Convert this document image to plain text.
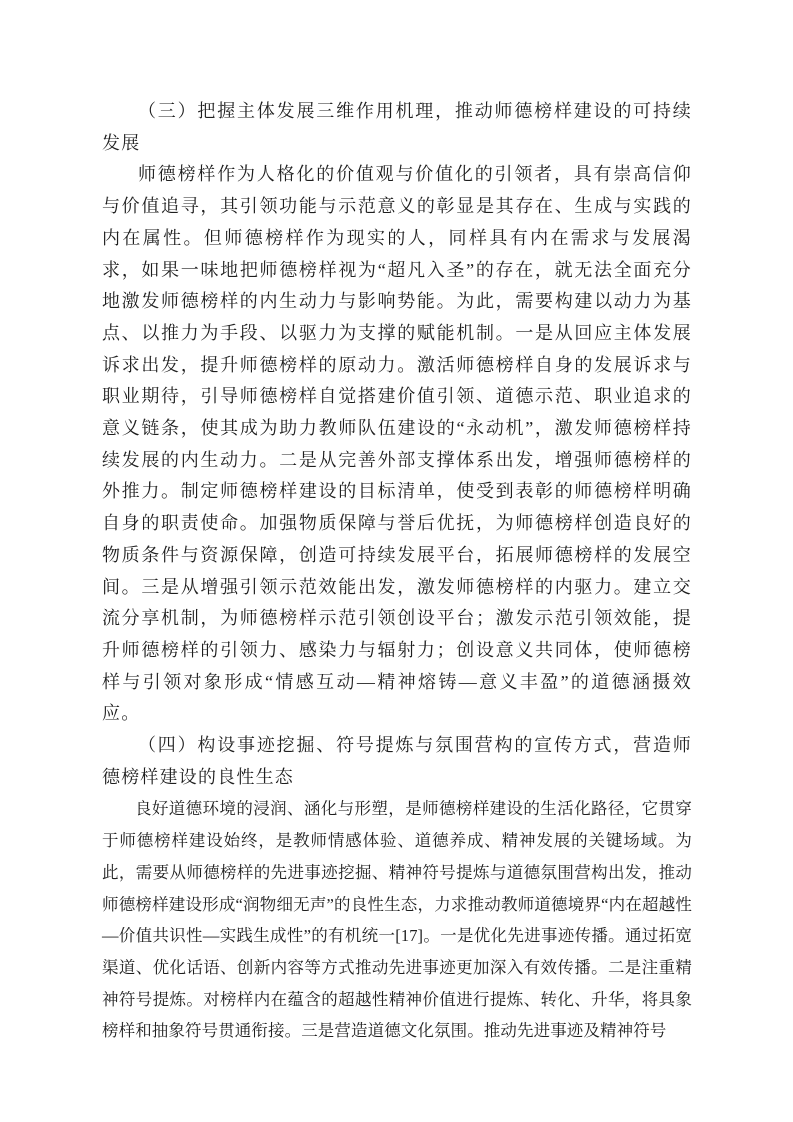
（三）把握主体发展三维作用机理，推动师德榜样建设的可持续发展

师德榜样作为人格化的价值观与价值化的引领者，具有崇高信仰与价值追寻，其引领功能与示范意义的彰显是其存在、生成与实践的内在属性。但师德榜样作为现实的人，同样具有内在需求与发展渴求，如果一味地把师德榜样视为“超凡入圣”的存在，就无法全面充分地激发师德榜样的内生动力与影响势能。为此，需要构建以动力为基点、以推力为手段、以驱力为支撑的赋能机制。一是从回应主体发展诉求出发，提升师德榜样的原动力。激活师德榜样自身的发展诉求与职业期待，引导师德榜样自觉搭建价值引领、道德示范、职业追求的意义链条，使其成为助力教师队伍建设的“永动机”，激发师德榜样持续发展的内生动力。二是从完善外部支撑体系出发，增强师德榜样的外推力。制定师德榜样建设的目标清单，使受到表彰的师德榜样明确自身的职责使命。加强物质保障与誉后优抚，为师德榜样创造良好的物质条件与资源保障，创造可持续发展平台，拓展师德榜样的发展空间。三是从增强引领示范效能出发，激发师德榜样的内驱力。建立交流分享机制，为师德榜样示范引领创设平台；激发示范引领效能，提升师德榜样的引领力、感染力与辐射力；创设意义共同体，使师德榜样与引领对象形成“情感互动—精神熔铸—意义丰盈”的道德涵摄效应。

（四）构设事迹挖掘、符号提炼与氛围营构的宣传方式，营造师德榜样建设的良性生态

良好道德环境的浸润、涵化与形塑，是师德榜样建设的生活化路径，它贯穿于师德榜样建设始终，是教师情感体验、道德养成、精神发展的关键场域。为此，需要从师德榜样的先进事迹挖掘、精神符号提炼与道德氛围营构出发，推动师德榜样建设形成“润物细无声”的良性生态，力求推动教师道德境界“内在超越性—价值共识性—实践生成性”的有机统一[17]。一是优化先进事迹传播。通过拓宽渠道、优化话语、创新内容等方式推动先进事迹更加深入有效传播。二是注重精神符号提炼。对榜样内在蕴含的超越性精神价值进行提炼、转化、升华，将具象榜样和抽象符号贯通衔接。三是营造道德文化氛围。推动先进事迹及精神符号
